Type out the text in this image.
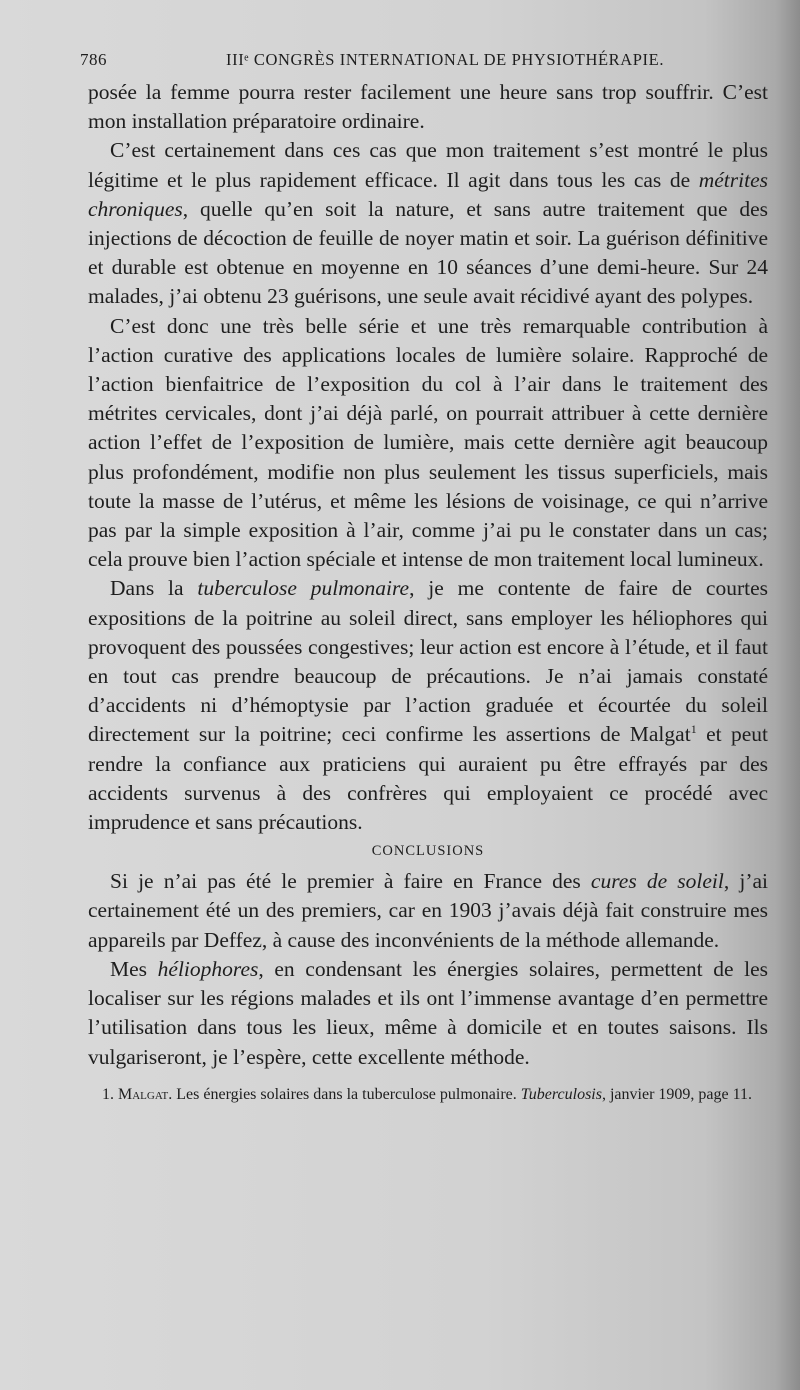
786	IIIᵉ CONGRÈS INTERNATIONAL DE PHYSIOTHÉRAPIE.

posée la femme pourra rester facilement une heure sans trop souffrir. C’est mon installation préparatoire ordinaire.

C’est certainement dans ces cas que mon traitement s’est montré le plus légitime et le plus rapidement efficace. Il agit dans tous les cas de métrites chroniques, quelle qu’en soit la nature, et sans autre traitement que des injections de décoction de feuille de noyer matin et soir. La guérison définitive et durable est obtenue en moyenne en 10 séances d’une demi-heure. Sur 24 malades, j’ai obtenu 23 guérisons, une seule avait récidivé ayant des polypes.

C’est donc une très belle série et une très remarquable contribution à l’action curative des applications locales de lumière solaire. Rapproché de l’action bienfaitrice de l’exposition du col à l’air dans le traitement des métrites cervicales, dont j’ai déjà parlé, on pourrait attribuer à cette dernière action l’effet de l’exposition de lumière, mais cette dernière agit beaucoup plus profondément, modifie non plus seulement les tissus superficiels, mais toute la masse de l’utérus, et même les lésions de voisinage, ce qui n’arrive pas par la simple exposition à l’air, comme j’ai pu le constater dans un cas; cela prouve bien l’action spéciale et intense de mon traitement local lumineux.

Dans la tuberculose pulmonaire, je me contente de faire de courtes expositions de la poitrine au soleil direct, sans employer les héliophores qui provoquent des poussées congestives; leur action est encore à l’étude, et il faut en tout cas prendre beaucoup de précautions. Je n’ai jamais constaté d’accidents ni d’hémoptysie par l’action graduée et écourtée du soleil directement sur la poitrine; ceci confirme les assertions de Malgat$^1$ et peut rendre la confiance aux praticiens qui auraient pu être effrayés par des accidents survenus à des confrères qui employaient ce procédé avec imprudence et sans précautions.

CONCLUSIONS

Si je n’ai pas été le premier à faire en France des cures de soleil, j’ai certainement été un des premiers, car en 1903 j’avais déjà fait construire mes appareils par Deffez, à cause des inconvénients de la méthode allemande.

Mes héliophores, en condensant les énergies solaires, permettent de les localiser sur les régions malades et ils ont l’immense avantage d’en permettre l’utilisation dans tous les lieux, même à domicile et en toutes saisons. Ils vulgariseront, je l’espère, cette excellente méthode.

1. Malgat. Les énergies solaires dans la tuberculose pulmonaire. Tuberculosis, janvier 1909, page 11.
